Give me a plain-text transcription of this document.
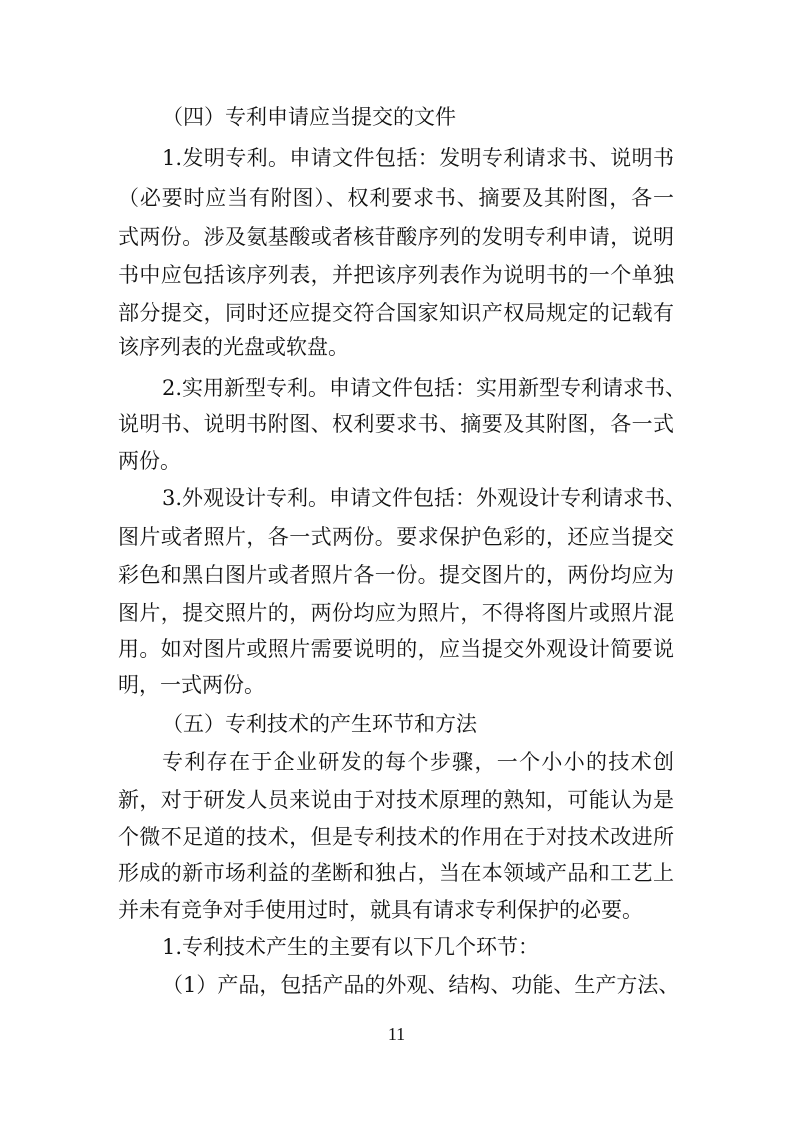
（四）专利申请应当提交的文件
1.发明专利。申请文件包括：发明专利请求书、说明书
（必要时应当有附图）、权利要求书、摘要及其附图，各一
式两份。涉及氨基酸或者核苷酸序列的发明专利申请，说明
书中应包括该序列表，并把该序列表作为说明书的一个单独
部分提交，同时还应提交符合国家知识产权局规定的记载有
该序列表的光盘或软盘。
2.实用新型专利。申请文件包括：实用新型专利请求书、
说明书、说明书附图、权利要求书、摘要及其附图，各一式
两份。
3.外观设计专利。申请文件包括：外观设计专利请求书、
图片或者照片，各一式两份。要求保护色彩的，还应当提交
彩色和黑白图片或者照片各一份。提交图片的，两份均应为
图片，提交照片的，两份均应为照片，不得将图片或照片混
用。如对图片或照片需要说明的，应当提交外观设计简要说
明，一式两份。
（五）专利技术的产生环节和方法
专利存在于企业研发的每个步骤，一个小小的技术创
新，对于研发人员来说由于对技术原理的熟知，可能认为是
个微不足道的技术，但是专利技术的作用在于对技术改进所
形成的新市场利益的垄断和独占，当在本领域产品和工艺上
并未有竞争对手使用过时，就具有请求专利保护的必要。
1.专利技术产生的主要有以下几个环节：
（1）产品，包括产品的外观、结构、功能、生产方法、
11
